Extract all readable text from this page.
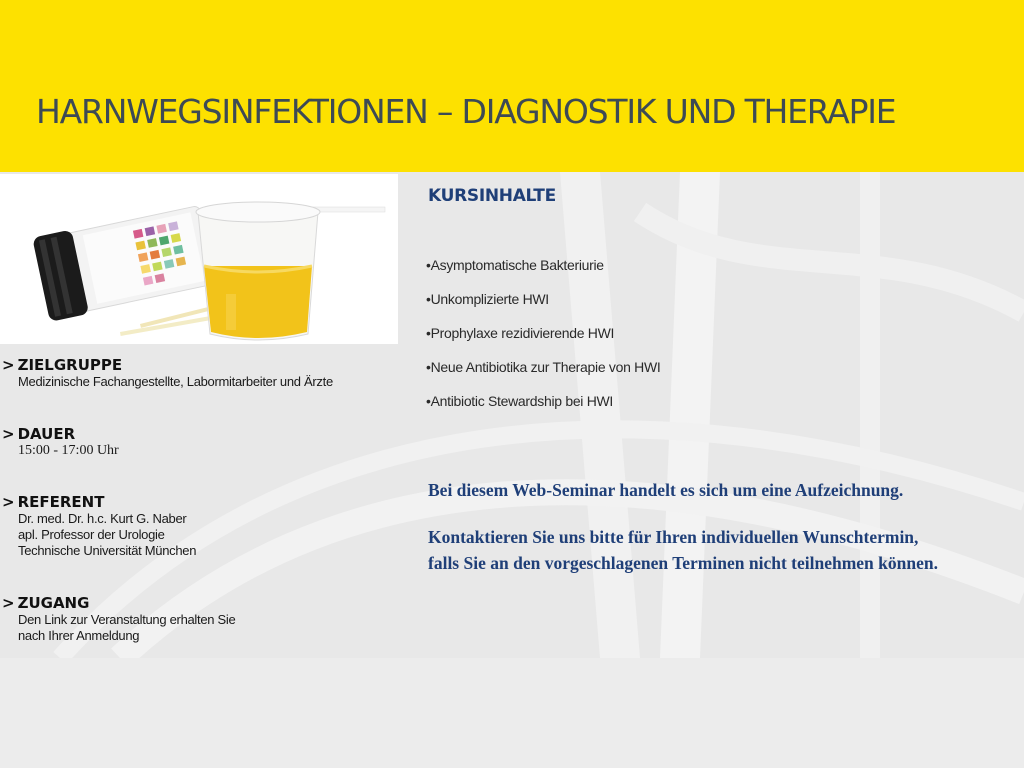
HARNWEGSINFEKTIONEN – DIAGNOSTIK UND THERAPIE
> ZIELGRUPPE
Medizinische Fachangestellte, Labormitarbeiter und Ärzte
> DAUER
15:00 - 17:00 Uhr
> REFERENT
Dr. med. Dr. h.c. Kurt G. Naber
apl. Professor der Urologie
Technische Universität München
> ZUGANG
Den Link zur Veranstaltung erhalten Sie
nach Ihrer Anmeldung
KURSINHALTE
•Asymptomatische Bakteriurie
•Unkomplizierte HWI
•Prophylaxe rezidivierende HWI
•Neue Antibiotika zur Therapie von HWI
•Antibiotic Stewardship bei HWI
Bei diesem Web-Seminar handelt es sich um eine Aufzeichnung.
Kontaktieren Sie uns bitte für Ihren individuellen Wunschtermin,
falls Sie an den vorgeschlagenen Terminen nicht teilnehmen können.
